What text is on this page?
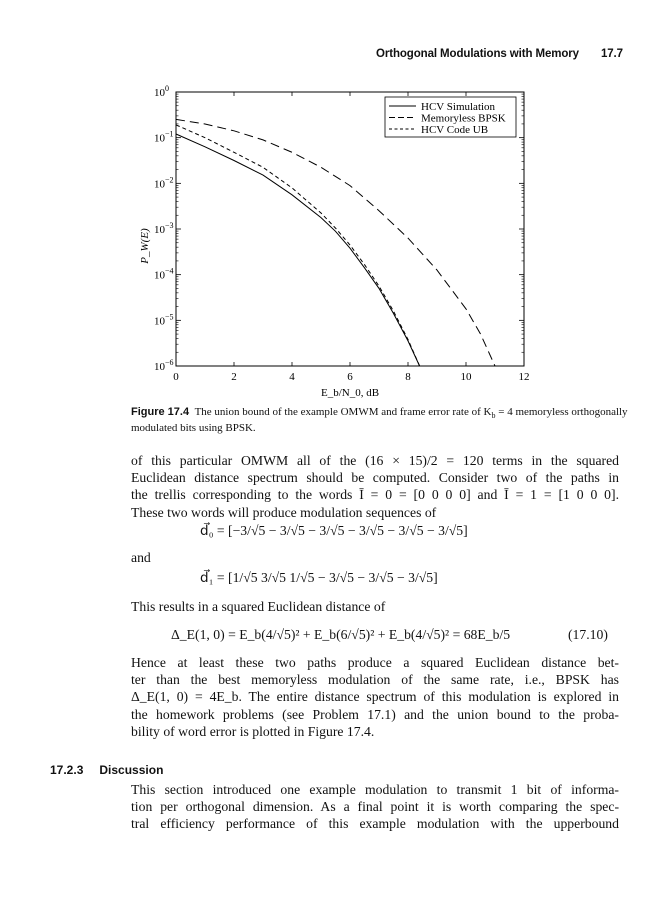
Orthogonal Modulations with Memory 17.7
0	2	4	6	8	10	12
$10^0$
$10^{-1}$
$10^{-2}$
$10^{-3}$
$10^{-4}$
$10^{-5}$
$10^{-6}$
HCV Simulation
Memoryless BPSK
HCV Code UB
E_b/N_0, dB
P_W(E)
Figure 17.4 The union bound of the example OMWM and frame error rate of $K_b = 4$ memoryless orthogonally modulated bits using BPSK.
of this particular OMWM all of the (16 × 15)/2 = 120 terms in the squared
Euclidean distance spectrum should be computed. Consider two of the paths in
the trellis corresponding to the words Ī = 0 = [0 0 0 0] and Ī = 1 = [1 0 0 0].
These two words will produce modulation sequences of
d⃗₀ = [−3/√5 − 3/√5 − 3/√5 − 3/√5 − 3/√5 − 3/√5]
and
d⃗₁ = [1/√5 3/√5 1/√5 − 3/√5 − 3/√5 − 3/√5]
This results in a squared Euclidean distance of
Δ_E(1, 0) = E_b(4/√5)² + E_b(6/√5)² + E_b(4/√5)² = 68E_b/5	(17.10)
Hence at least these two paths produce a squared Euclidean distance bet-
ter than the best memoryless modulation of the same rate, i.e., BPSK has
Δ_E(1, 0) = 4E_b. The entire distance spectrum of this modulation is explored in
the homework problems (see Problem 17.1) and the union bound to the proba-
bility of word error is plotted in Figure 17.4.
17.2.3 Discussion
This section introduced one example modulation to transmit 1 bit of informa-
tion per orthogonal dimension. As a final point it is worth comparing the spec-
tral efficiency performance of this example modulation with the upperbound
